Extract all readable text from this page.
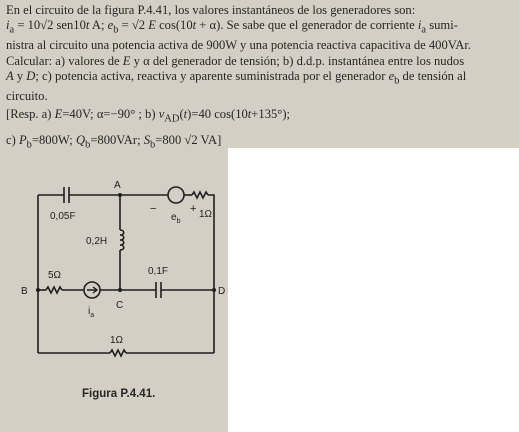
En el circuito de la figura P.4.41, los valores instantáneos de los generadores son:

$i_a = 10√2$ sen10t A; $e_b = √2$ E cos(10t + α). Se sabe que el generador de corriente $i_a$ sumi-

nistra al circuito una potencia activa de 900W y una potencia reactiva capacitiva de 400VAr.

Calcular: a) valores de E y α del generador de tensión; b) d.d.p. instantánea entre los nudos

A y D; c) potencia activa, reactiva y aparente suministrada por el generador $e_b$ de tensión al

circuito.

[Resp. a) E=40V; α=−90° ; b) $v_{AD}(t)=40$ cos(10t+135°);

c) $P_b=800W$; $Q_b=800VAr$; $S_b=800$ √2 VA]

A
B
C
D
0,05F
0,2H
−	+
$e_b$
1Ω
5Ω
$i_a$
0,1F
1Ω
Figura P.4.41.
